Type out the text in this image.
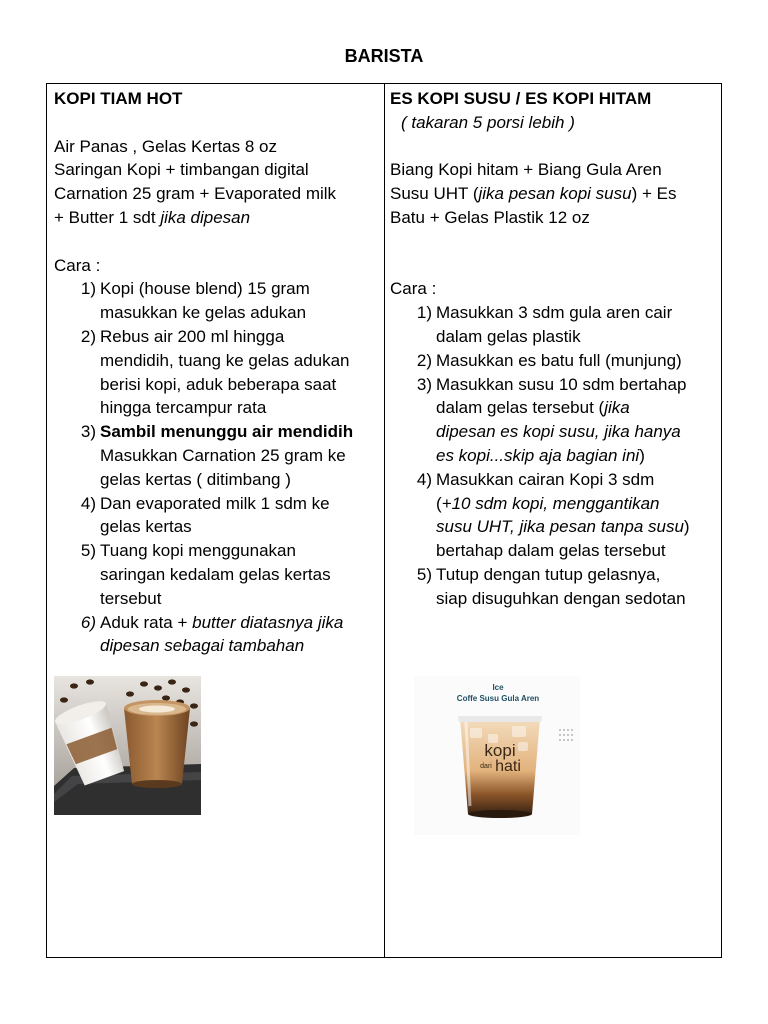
BARISTA
KOPI TIAM HOT
Air Panas , Gelas Kertas 8 oz
Saringan Kopi + timbangan digital
Carnation 25 gram + Evaporated milk
+ Butter 1 sdt jika dipesan
Cara :
1) Kopi (house blend) 15 gram
masukkan ke gelas adukan
2) Rebus air 200 ml hingga
mendidih, tuang ke gelas adukan
berisi kopi, aduk beberapa saat
hingga tercampur rata
3) Sambil menunggu air mendidih
Masukkan Carnation 25 gram ke
gelas kertas ( ditimbang )
4) Dan evaporated milk 1 sdm ke
gelas kertas
5) Tuang kopi menggunakan
saringan kedalam gelas kertas
tersebut
6) Aduk rata + butter diatasnya jika
dipesan sebagai tambahan
ES KOPI SUSU / ES KOPI HITAM
( takaran 5 porsi lebih )
Biang Kopi hitam + Biang Gula Aren
Susu UHT (jika pesan kopi susu) + Es
Batu + Gelas Plastik 12 oz
Cara :
1) Masukkan 3 sdm gula aren cair
dalam gelas plastik
2) Masukkan es batu full (munjung)
3) Masukkan susu 10 sdm bertahap
dalam gelas tersebut (jika
dipesan es kopi susu, jika hanya
es kopi...skip aja bagian ini)
4) Masukkan cairan Kopi 3 sdm
(+10 sdm kopi, menggantikan
susu UHT, jika pesan tanpa susu)
bertahap dalam gelas tersebut
5) Tutup dengan tutup gelasnya,
siap disuguhkan dengan sedotan
Ice
Coffe Susu Gula Aren
kopi
dari hati
